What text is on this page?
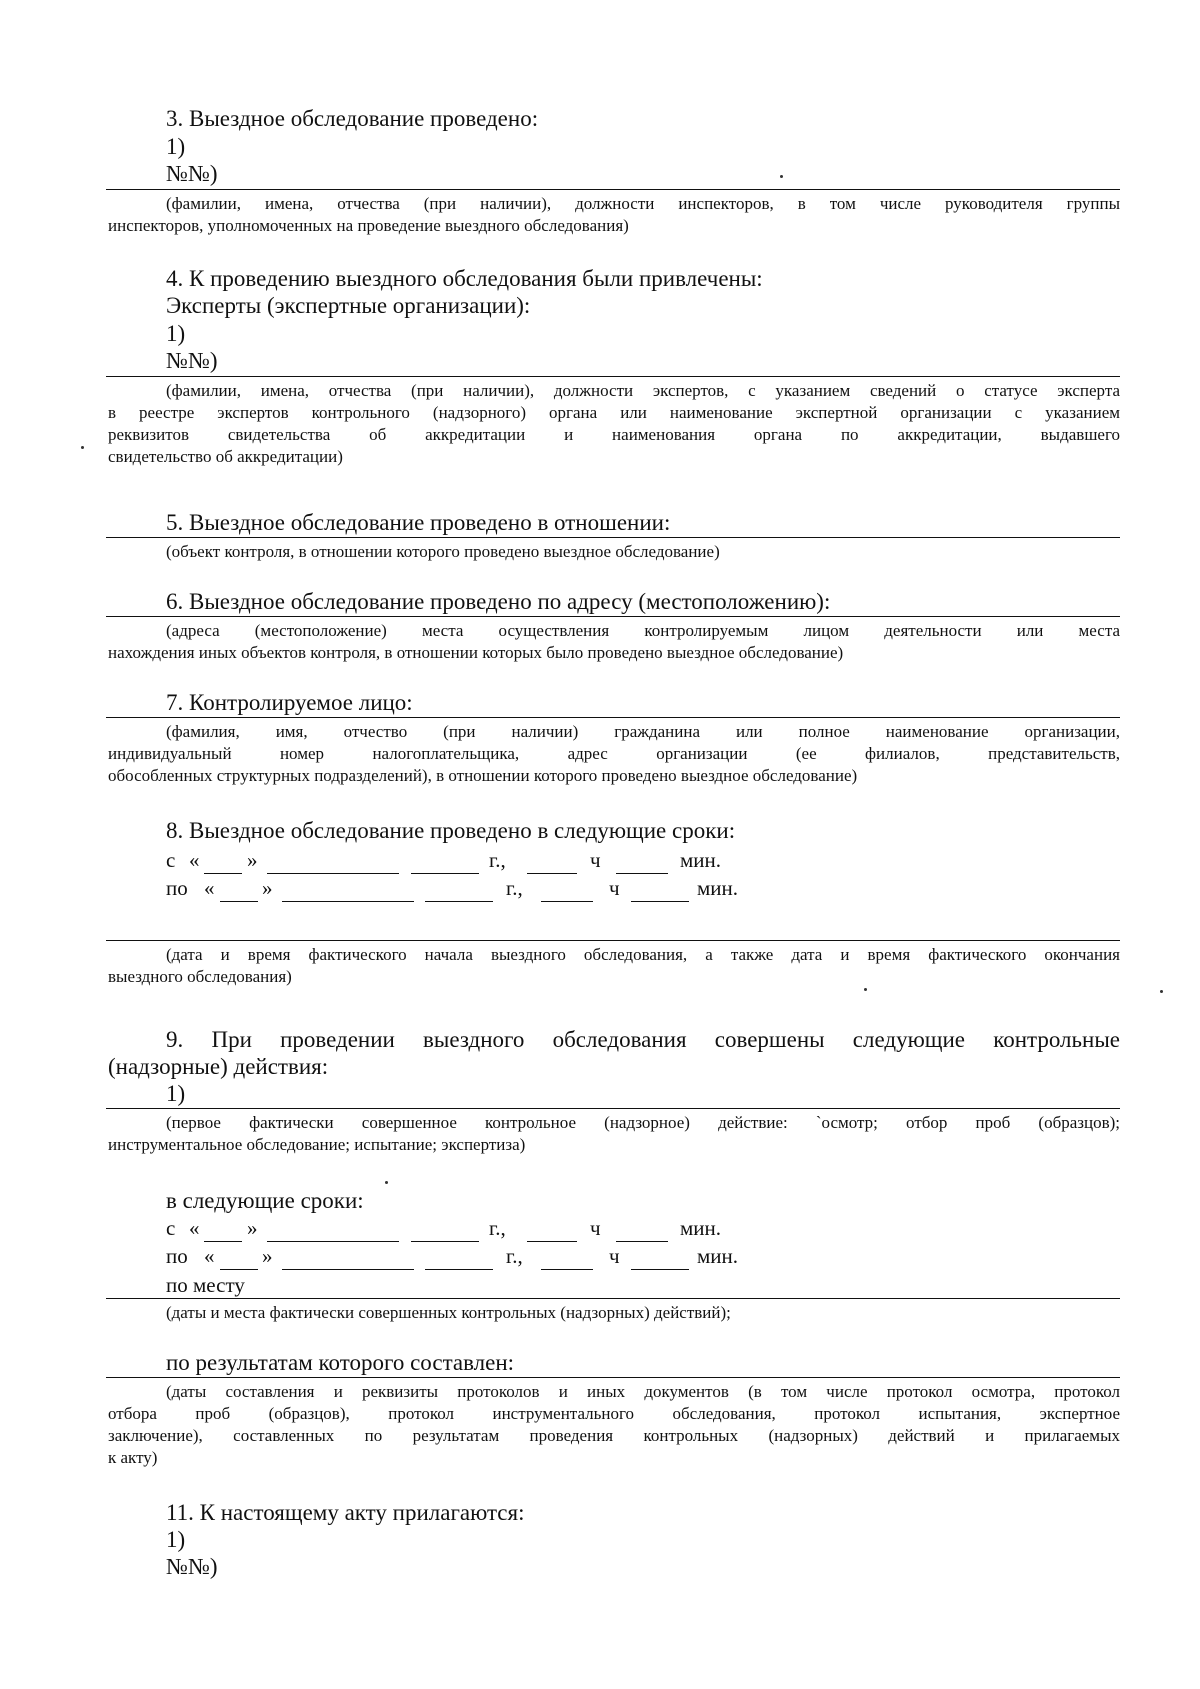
3. Выездное обследование проведено:
1)
№№)
(фамилии, имена, отчества (при наличии), должности инспекторов, в том числе руководителя группы
инспекторов, уполномоченных на проведение выездного обследования)
4. К проведению выездного обследования были привлечены:
Эксперты (экспертные организации):
1)
№№)
(фамилии, имена, отчества (при наличии), должности экспертов, с указанием сведений о статусе эксперта
в реестре экспертов контрольного (надзорного) органа или наименование экспертной организации с указанием
реквизитов свидетельства об аккредитации и наименования органа по аккредитации, выдавшего
свидетельство об аккредитации)
5. Выездное обследование проведено в отношении:
(объект контроля, в отношении которого проведено выездное обследование)
6. Выездное обследование проведено по адресу (местоположению):
(адреса (местоположение) места осуществления контролируемым лицом деятельности или места
нахождения иных объектов контроля, в отношении которых было проведено выездное обследование)
7. Контролируемое лицо:
(фамилия, имя, отчество (при наличии) гражданина или полное наименование организации,
индивидуальный номер налогоплательщика, адрес организации (ее филиалов, представительств,
обособленных структурных подразделений), в отношении которого проведено выездное обследование)
8. Выездное обследование проведено в следующие сроки:
с « »	г.,	ч	мин.
по « »	г.,	ч	мин.
(дата и время фактического начала выездного обследования, а также дата и время фактического окончания
выездного обследования)
9. При проведении выездного обследования совершены следующие контрольные
(надзорные) действия:
1)
(первое фактически совершенное контрольное (надзорное) действие: `осмотр; отбор проб (образцов);
инструментальное обследование; испытание; экспертиза)
в следующие сроки:
с « »	г.,	ч	мин.
по « »	г.,	ч	мин.
по месту
(даты и места фактически совершенных контрольных (надзорных) действий);
по результатам которого составлен:
(даты составления и реквизиты протоколов и иных документов (в том числе протокол осмотра, протокол
отбора проб (образцов), протокол инструментального обследования, протокол испытания, экспертное
заключение), составленных по результатам проведения контрольных (надзорных) действий и прилагаемых
к акту)
11. К настоящему акту прилагаются:
1)
№№)
